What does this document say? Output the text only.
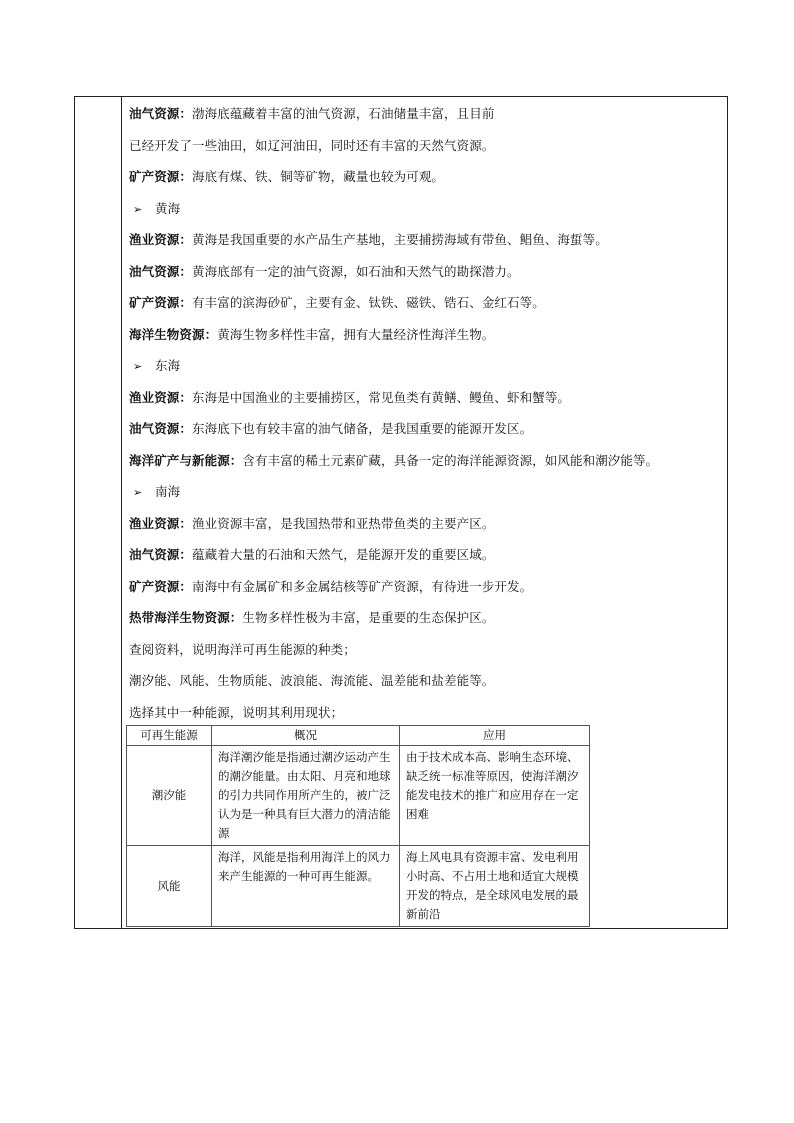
油气资源：渤海底蕴藏着丰富的油气资源，石油储量丰富，且目前
已经开发了一些油田，如辽河油田，同时还有丰富的天然气资源。
矿产资源：海底有煤、铁、铜等矿物，藏量也较为可观。
➢ 黄海
渔业资源：黄海是我国重要的水产品生产基地，主要捕捞海域有带鱼、鲳鱼、海蜇等。
油气资源：黄海底部有一定的油气资源，如石油和天然气的勘探潜力。
矿产资源：有丰富的滨海砂矿，主要有金、钛铁、磁铁、锆石、金红石等。
海洋生物资源：黄海生物多样性丰富，拥有大量经济性海洋生物。
➢ 东海
渔业资源：东海是中国渔业的主要捕捞区，常见鱼类有黄鳝、鳗鱼、虾和蟹等。
油气资源：东海底下也有较丰富的油气储备，是我国重要的能源开发区。
海洋矿产与新能源：含有丰富的稀土元素矿藏，具备一定的海洋能源资源，如风能和潮汐能等。
➢ 南海
渔业资源：渔业资源丰富，是我国热带和亚热带鱼类的主要产区。
油气资源：蕴藏着大量的石油和天然气，是能源开发的重要区域。
矿产资源：南海中有金属矿和多金属结核等矿产资源，有待进一步开发。
热带海洋生物资源：生物多样性极为丰富，是重要的生态保护区。
查阅资料，说明海洋可再生能源的种类；
潮汐能、风能、生物质能、波浪能、海流能、温差能和盐差能等。
选择其中一种能源，说明其利用现状；
可再生能源	概况	应用
潮汐能	海洋潮汐能是指通过潮汐运动产生的潮汐能量。由太阳、月亮和地球的引力共同作用所产生的，被广泛认为是一种具有巨大潜力的清洁能源	由于技术成本高、影响生态环境、缺乏统一标准等原因，使海洋潮汐能发电技术的推广和应用存在一定困难
风能	海洋，风能是指利用海洋上的风力来产生能源的一种可再生能源。	海上风电具有资源丰富、发电利用小时高、不占用土地和适宜大规模开发的特点，是全球风电发展的最新前沿
